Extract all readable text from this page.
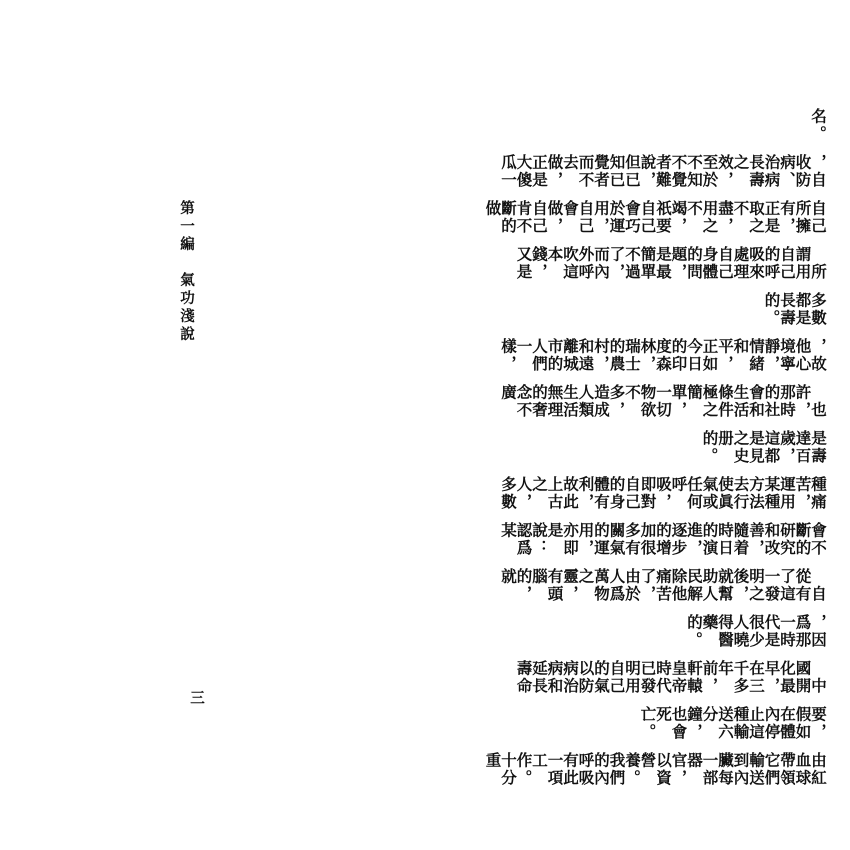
名。
，自收防病、治病長壽之效，至於不知不覺者難說，但已知已覺者而不去做，正是大傻瓜一
自己所擁有，正是取之不盡，用之不竭，祇要自己會巧於運用，自己會做，自己肯不斷的做
　所謂用自己的呼吸來處理自己身體的問題，是最簡單不過了，而內外呼吹這本錢，又是
多數都是長壽的。
，故他心境寧靜，情緒和平，正如今日的印度森林，瑞士的農村，和遠離城市的人們一樣，
　也許，那時的社會和生活條件極之簡單，一切物欲不多，造成人類生活無理的奢念不廣
是壽達百歲，這都是見之史册的。
種痛苦，運用某種方法去行使眞氣或任何呼吸，即對自己的身體有利，故此上古之人，多數
會不斷的研究和改善，隨着時日的演進，逐步的增加很多有關氣的運用，亦即是說：認爲某
　自從有了這一發明之後，就幫助人民解除他痛苦了，由於人爲萬物之靈，有頭腦的，就
，因爲那一時代是很少人曉得醫藥的。
　中國開化最早，在三千多年前，軒轅皇帝時代已發明用自己的氣以防病治病和延長壽命
要，假如在體內停止這種輸送六分鐘，也會死亡。
由紅血球帶領它們輸送到內臟每一部器官，以資營養。我們的內呼吸有此一項工作。十分重
第一編　氣功淺說
三
